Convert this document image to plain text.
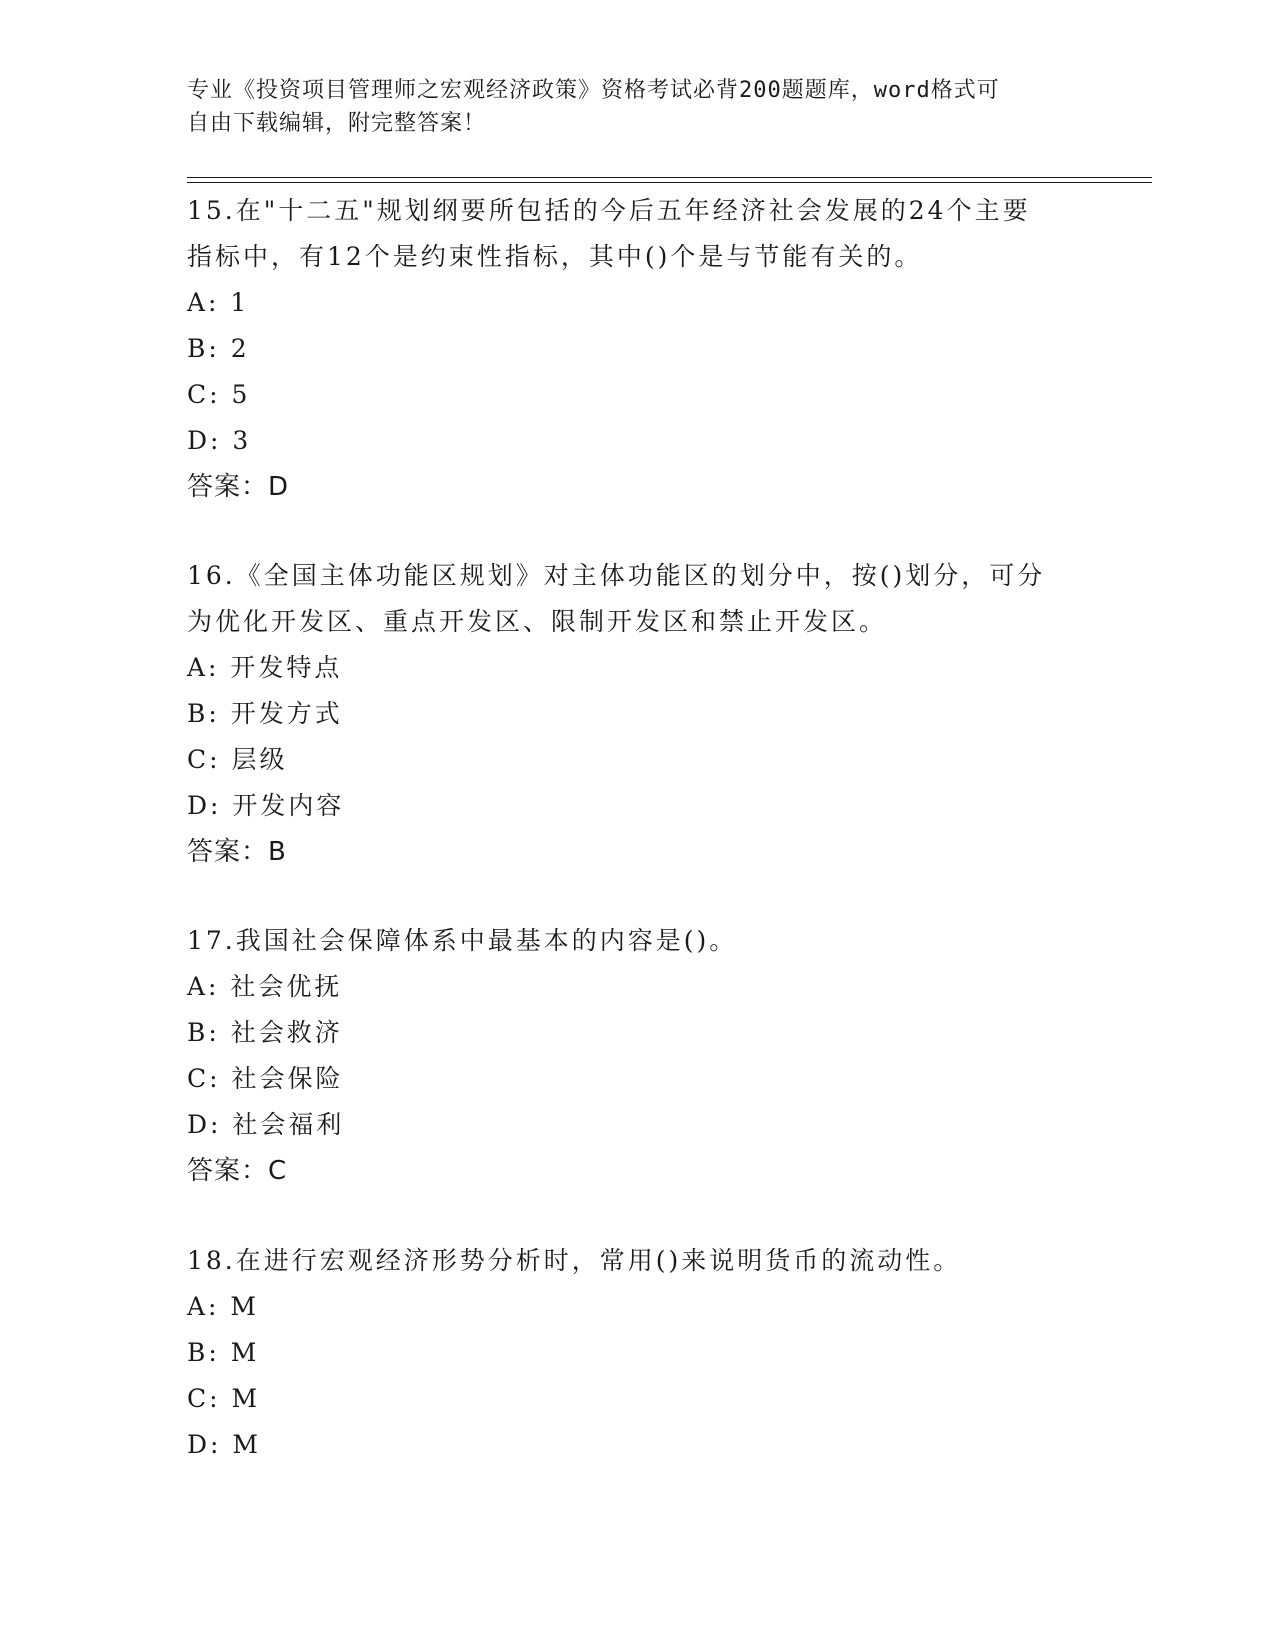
专业《投资项目管理师之宏观经济政策》资格考试必背200题题库，word格式可
自由下载编辑，附完整答案！
15.在"十二五"规划纲要所包括的今后五年经济社会发展的24个主要
指标中，有12个是约束性指标，其中()个是与节能有关的。
A: 1
B: 2
C: 5
D: 3
答案：D
16.《全国主体功能区规划》对主体功能区的划分中，按()划分，可分
为优化开发区、重点开发区、限制开发区和禁止开发区。
A: 开发特点
B: 开发方式
C: 层级
D: 开发内容
答案：B
17.我国社会保障体系中最基本的内容是()。
A: 社会优抚
B: 社会救济
C: 社会保险
D: 社会福利
答案：C
18.在进行宏观经济形势分析时，常用()来说明货币的流动性。
A: M
B: M
C: M
D: M
